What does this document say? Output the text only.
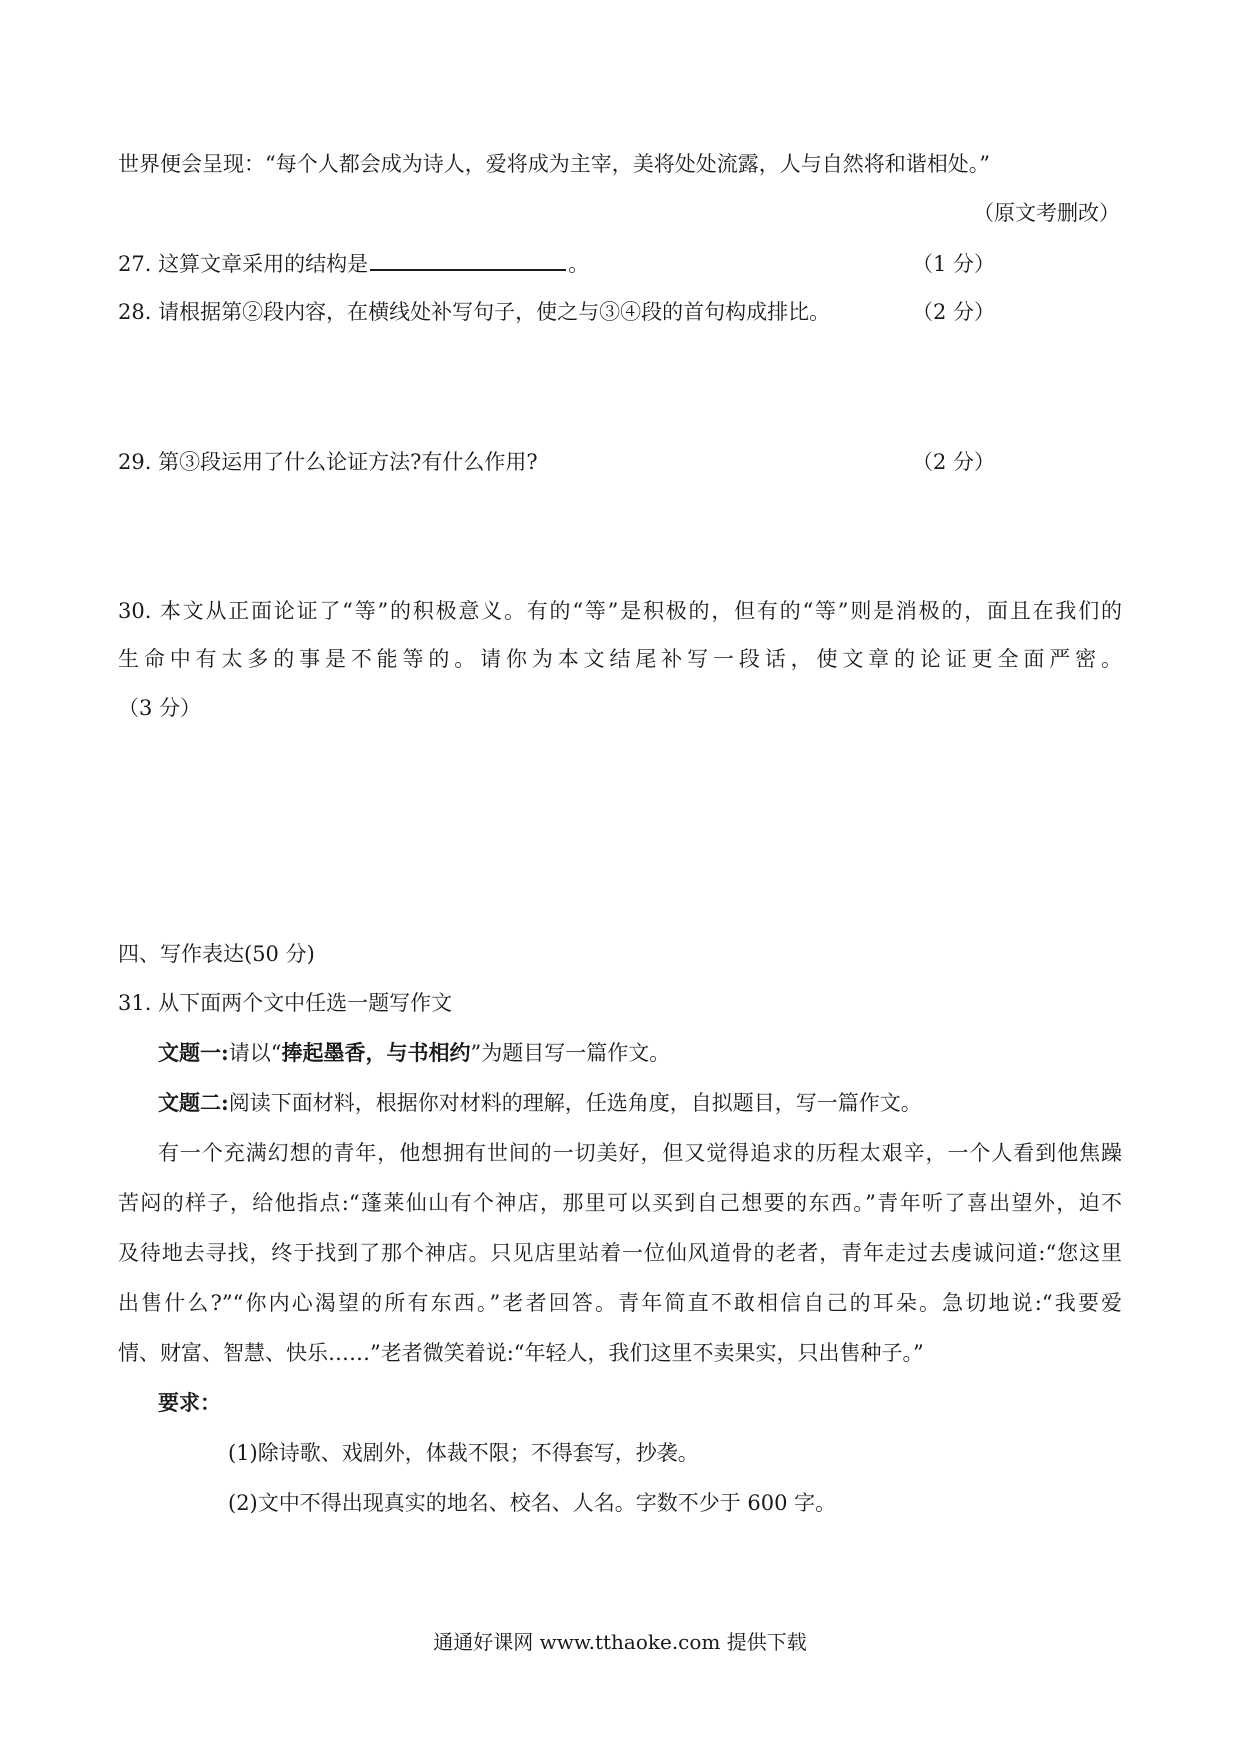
世界便会呈现：“每个人都会成为诗人，爱将成为主宰，美将处处流露，人与自然将和谐相处。”
（原文考删改）
27. 这算文章采用的结构是	。	（1 分）
28. 请根据第②段内容，在横线处补写句子，使之与③④段的首句构成排比。	（2 分）
29. 第③段运用了什么论证方法?有什么作用?	（2 分）
30. 本文从正面论证了“等”的积极意义。有的“等”是积极的，但有的“等”则是消极的，面且在我们的
生命中有太多的事是不能等的。请你为本文结尾补写一段话，使文章的论证更全面严密。
（3 分）
四、写作表达(50 分)
31. 从下面两个文中任选一题写作文
文题一:请以“捧起墨香，与书相约”为题目写一篇作文。
文题二:阅读下面材料，根据你对材料的理解，任选角度，自拟题目，写一篇作文。
有一个充满幻想的青年，他想拥有世间的一切美好，但又觉得追求的历程太艰辛，一个人看到他焦躁
苦闷的样子，给他指点:“蓬莱仙山有个神店，那里可以买到自己想要的东西。”青年听了喜出望外，迫不
及待地去寻找，终于找到了那个神店。只见店里站着一位仙风道骨的老者，青年走过去虔诚问道:“您这里
出售什么?”“你内心渴望的所有东西。”老者回答。青年简直不敢相信自己的耳朵。急切地说:“我要爱
情、财富、智慧、快乐……”老者微笑着说:“年轻人，我们这里不卖果实，只出售种子。”
要求：
(1)除诗歌、戏剧外，体裁不限；不得套写，抄袭。
(2)文中不得出现真实的地名、校名、人名。字数不少于 600 字。
通通好课网 www.tthaoke.com 提供下载
